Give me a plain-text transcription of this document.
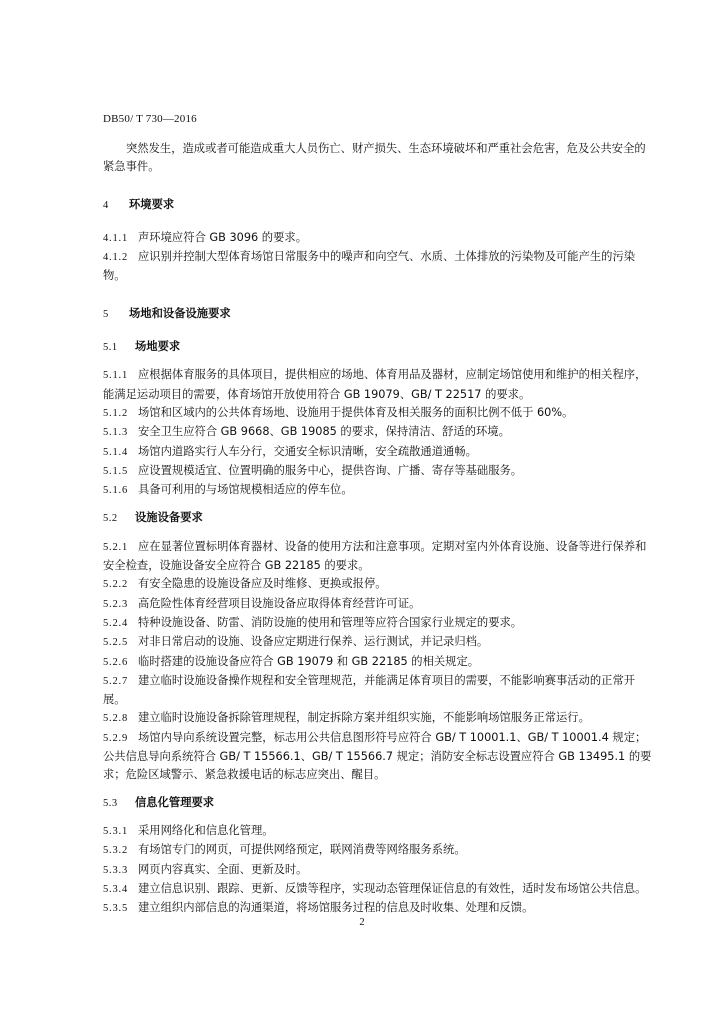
DB50/ T 730—2016

突然发生，造成或者可能造成重大人员伤亡、财产损失、生态环境破坏和严重社会危害，危及公共安全的紧急事件。

4 环境要求

4.1.1 声环境应符合 GB 3096 的要求。

4.1.2 应识别并控制大型体育场馆日常服务中的噪声和向空气、水质、土体排放的污染物及可能产生的污染物。

5 场地和设备设施要求

5.1 场地要求

5.1.1 应根据体育服务的具体项目，提供相应的场地、体育用品及器材，应制定场馆使用和维护的相关程序，能满足运动项目的需要，体育场馆开放使用符合 GB 19079、GB/ T 22517 的要求。

5.1.2 场馆和区域内的公共体育场地、设施用于提供体育及相关服务的面积比例不低于 60%。

5.1.3 安全卫生应符合 GB 9668、GB 19085 的要求，保持清洁、舒适的环境。

5.1.4 场馆内道路实行人车分行，交通安全标识清晰，安全疏散通道通畅。

5.1.5 应设置规模适宜、位置明确的服务中心，提供咨询、广播、寄存等基础服务。

5.1.6 具备可利用的与场馆规模相适应的停车位。

5.2 设施设备要求

5.2.1 应在显著位置标明体育器材、设备的使用方法和注意事项。定期对室内外体育设施、设备等进行保养和安全检查，设施设备安全应符合 GB 22185 的要求。

5.2.2 有安全隐患的设施设备应及时维修、更换或报停。

5.2.3 高危险性体育经营项目设施设备应取得体育经营许可证。

5.2.4 特种设施设备、防雷、消防设施的使用和管理等应符合国家行业规定的要求。

5.2.5 对非日常启动的设施、设备应定期进行保养、运行测试，并记录归档。

5.2.6 临时搭建的设施设备应符合 GB 19079 和 GB 22185 的相关规定。

5.2.7 建立临时设施设备操作规程和安全管理规范，并能满足体育项目的需要，不能影响赛事活动的正常开展。

5.2.8 建立临时设施设备拆除管理规程，制定拆除方案并组织实施，不能影响场馆服务正常运行。

5.2.9 场馆内导向系统设置完整，标志用公共信息图形符号应符合 GB/ T 10001.1、GB/ T 10001.4 规定；公共信息导向系统符合 GB/ T 15566.1、GB/ T 15566.7 规定；消防安全标志设置应符合 GB 13495.1 的要求；危险区域警示、紧急救援电话的标志应突出、醒目。

5.3 信息化管理要求

5.3.1 采用网络化和信息化管理。

5.3.2 有场馆专门的网页，可提供网络预定，联网消费等网络服务系统。

5.3.3 网页内容真实、全面、更新及时。

5.3.4 建立信息识别、跟踪、更新、反馈等程序，实现动态管理保证信息的有效性，适时发布场馆公共信息。

5.3.5 建立组织内部信息的沟通渠道，将场馆服务过程的信息及时收集、处理和反馈。

2
